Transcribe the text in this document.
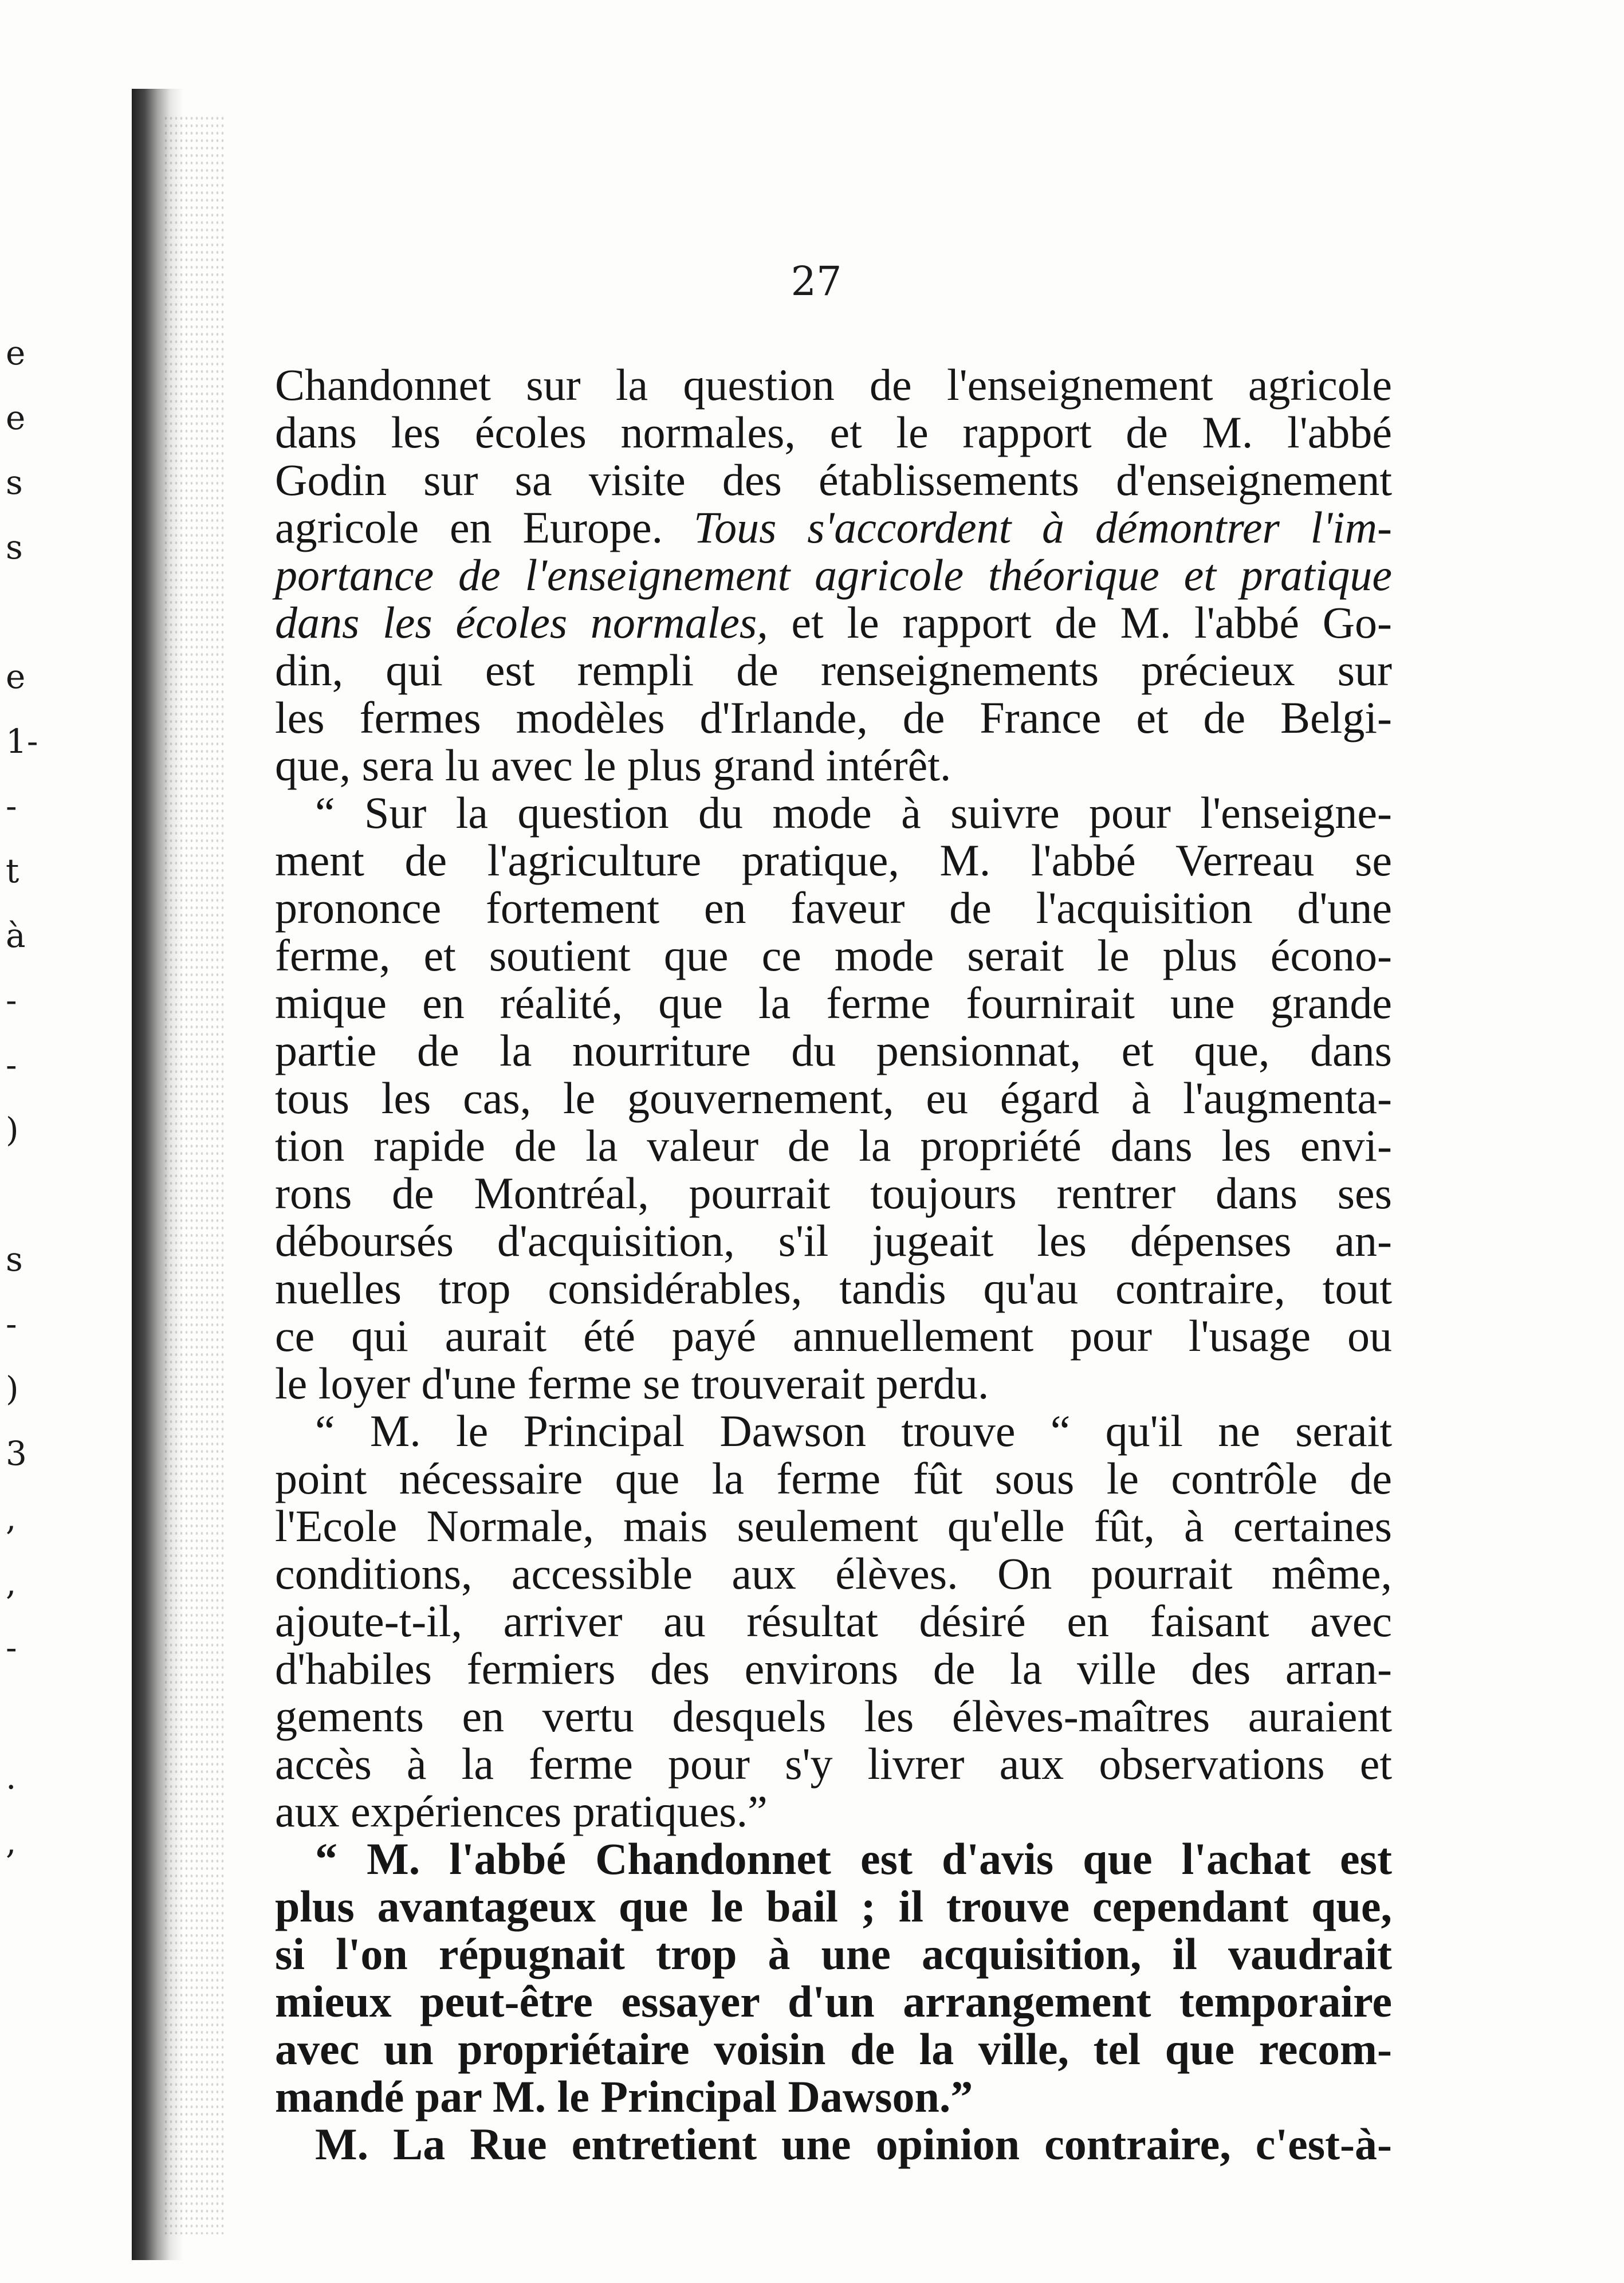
e
e
s
s

e
1-
-
t
à
-
-
)

s
-
)
3
,
,
-

.
,
27
Chandonnet sur la question de l'enseignement agricole
dans les écoles normales, et le rapport de M. l'abbé
Godin sur sa visite des établissements d'enseignement
agricole en Europe. Tous s'accordent à démontrer l'im-
portance de l'enseignement agricole théorique et pratique
dans les écoles normales, et le rapport de M. l'abbé Go-
din, qui est rempli de renseignements précieux sur
les fermes modèles d'Irlande, de France et de Belgi-
que, sera lu avec le plus grand intérêt.
“ Sur la question du mode à suivre pour l'enseigne-
ment de l'agriculture pratique, M. l'abbé Verreau se
prononce fortement en faveur de l'acquisition d'une
ferme, et soutient que ce mode serait le plus écono-
mique en réalité, que la ferme fournirait une grande
partie de la nourriture du pensionnat, et que, dans
tous les cas, le gouvernement, eu égard à l'augmenta-
tion rapide de la valeur de la propriété dans les envi-
rons de Montréal, pourrait toujours rentrer dans ses
déboursés d'acquisition, s'il jugeait les dépenses an-
nuelles trop considérables, tandis qu'au contraire, tout
ce qui aurait été payé annuellement pour l'usage ou
le loyer d'une ferme se trouverait perdu.
“ M. le Principal Dawson trouve “ qu'il ne serait
point nécessaire que la ferme fût sous le contrôle de
l'Ecole Normale, mais seulement qu'elle fût, à certaines
conditions, accessible aux élèves. On pourrait même,
ajoute-t-il, arriver au résultat désiré en faisant avec
d'habiles fermiers des environs de la ville des arran-
gements en vertu desquels les élèves-maîtres auraient
accès à la ferme pour s'y livrer aux observations et
aux expériences pratiques.”
“ M. l'abbé Chandonnet est d'avis que l'achat est
plus avantageux que le bail ; il trouve cependant que,
si l'on répugnait trop à une acquisition, il vaudrait
mieux peut-être essayer d'un arrangement temporaire
avec un propriétaire voisin de la ville, tel que recom-
mandé par M. le Principal Dawson.”
M. La Rue entretient une opinion contraire, c'est-à-
